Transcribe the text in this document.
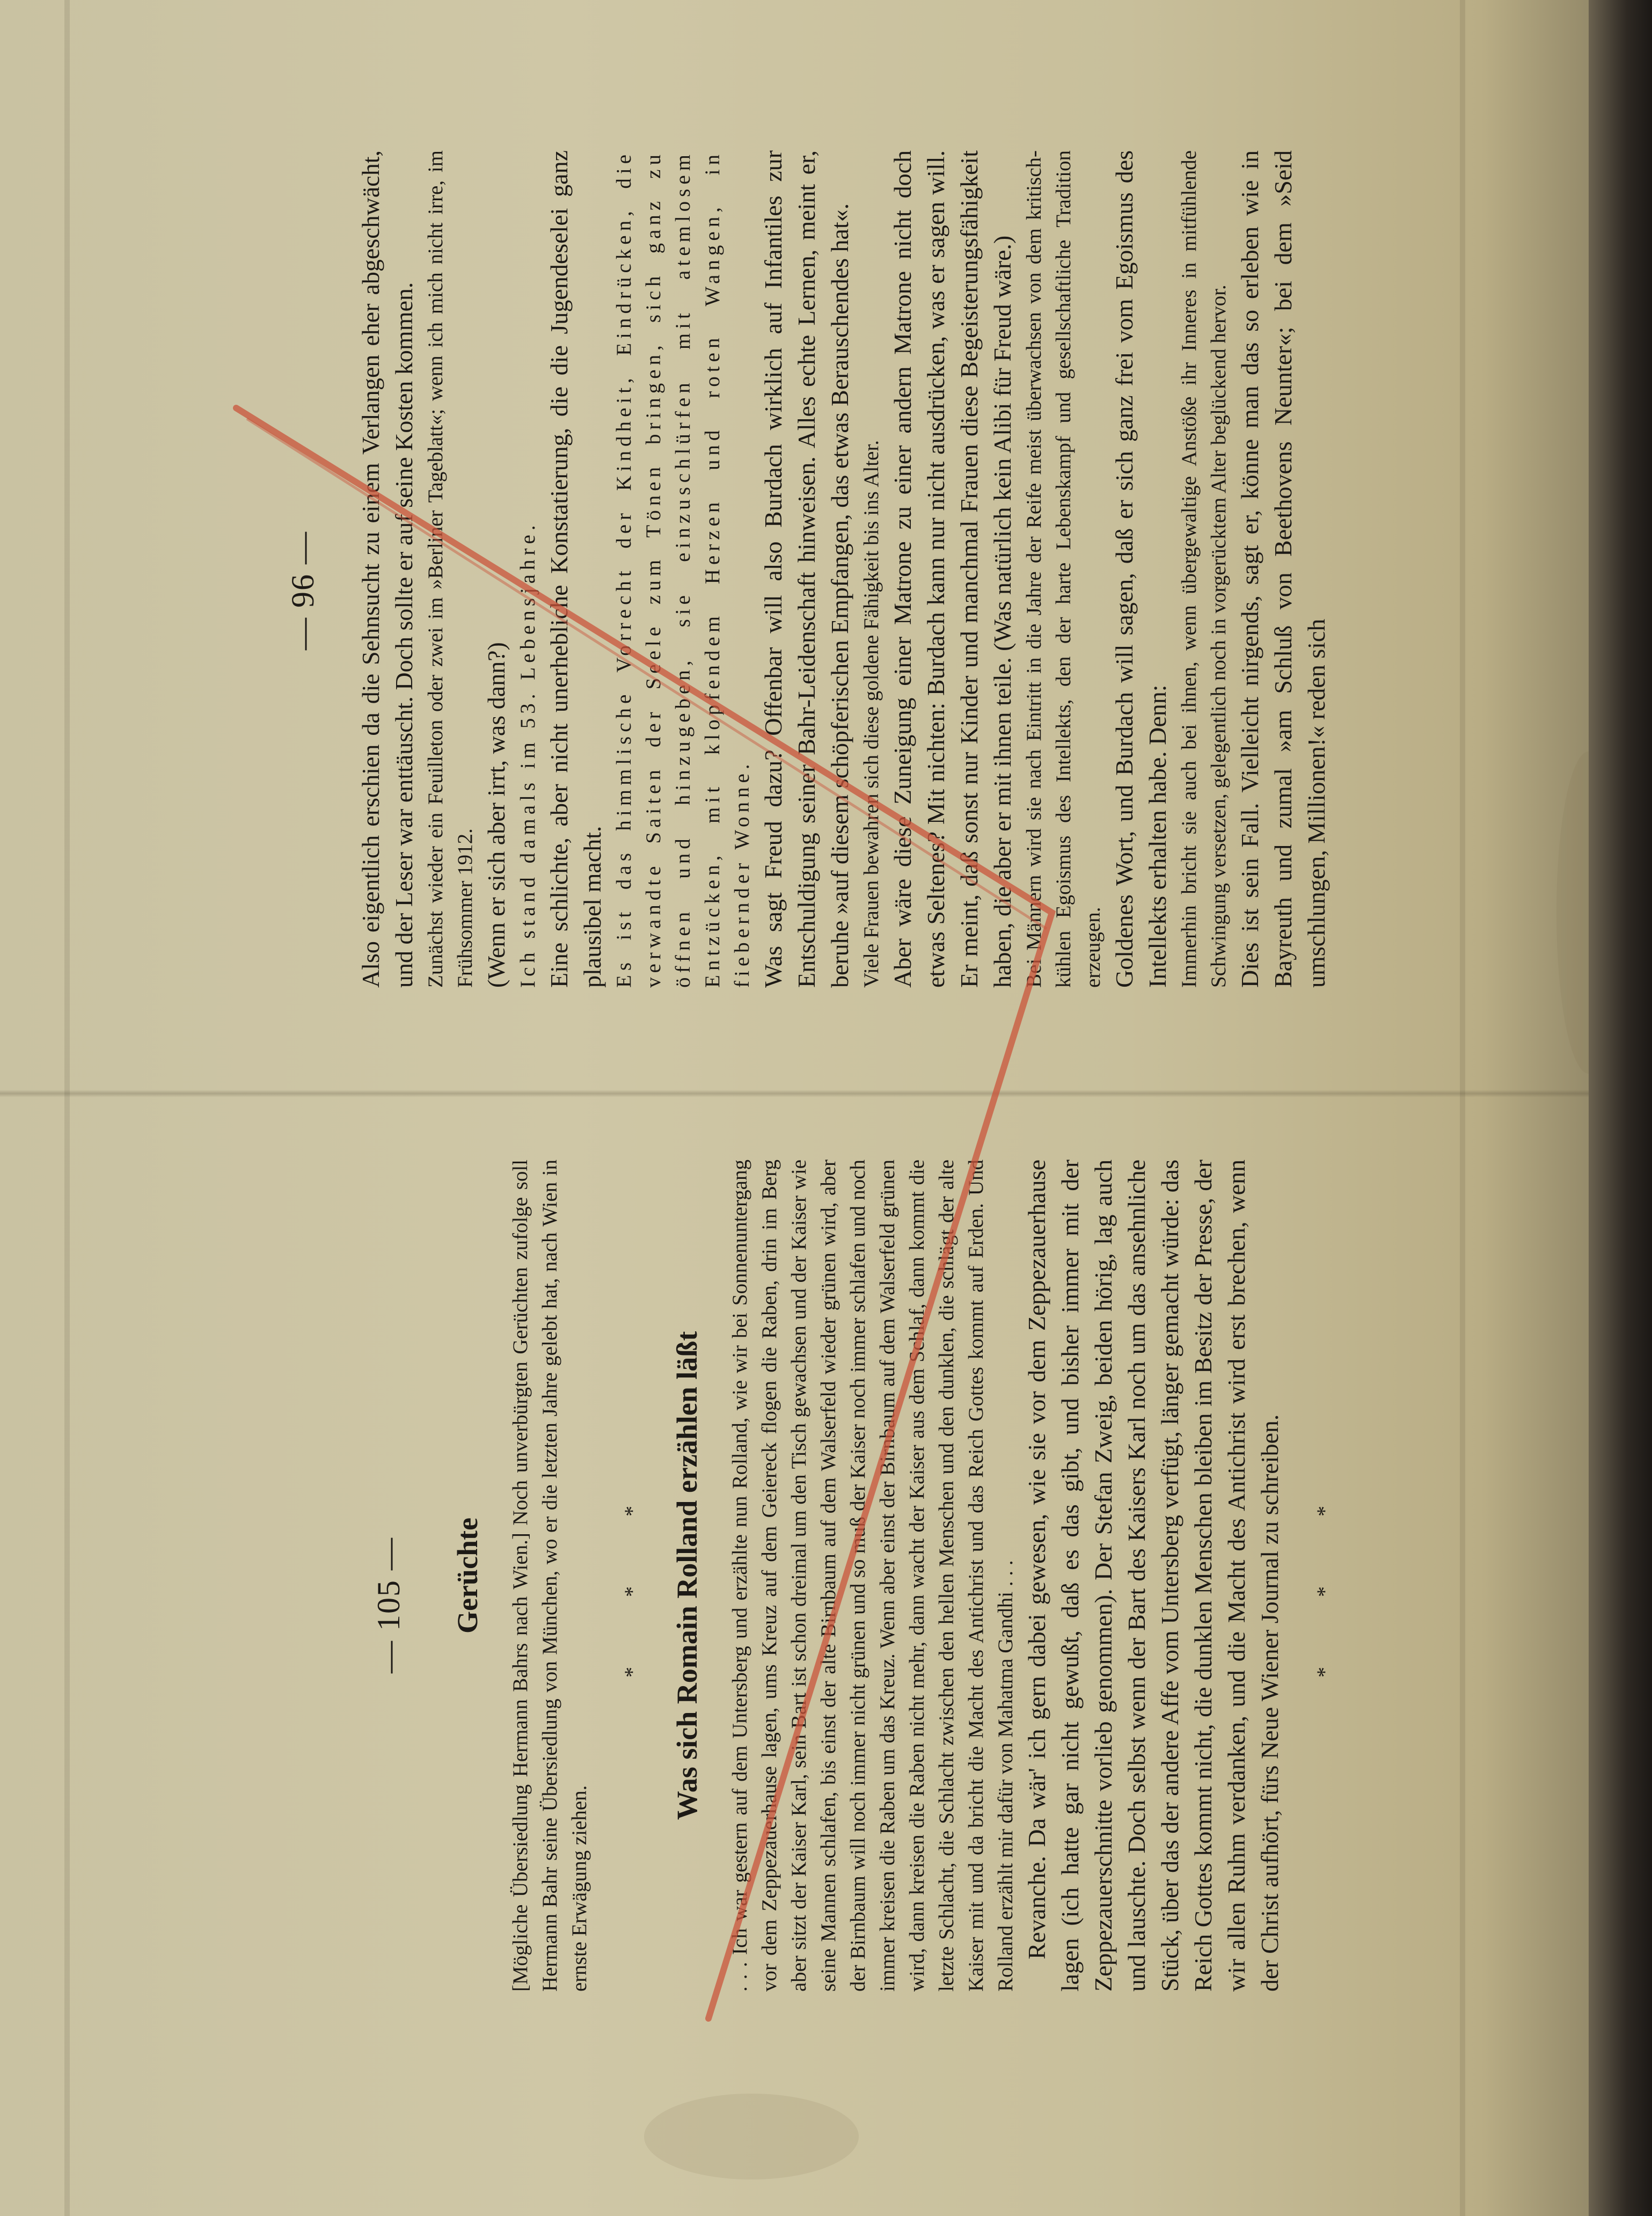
— 96 — Also eigentlich erschien da die Sehnsucht zu einem Verlangen eher abgeschwächt, und der Leser war enttäuscht. Doch sollte er auf seine Kosten kommen. Zunächst wieder ein Feuilleton oder zwei im »Berliner Tageblatt«; wenn ich mich nicht irre, im Frühsommer 1912. (Wenn er sich aber irrt, was dann?) Ich stand damals im 53. Lebensjahre. Eine schlichte, aber nicht unerhebliche Konstatierung, die die Jugendeselei ganz plausibel macht. Es ist das himmlische Vorrecht der Kindheit, Eindrücken, die verwandte Saiten der Seele zum Tönen bringen, sich ganz zu öffnen und hinzugeben, sie einzuschlürfen mit atemlosem Entzücken, mit klopfendem Herzen und roten Wangen, in fiebernder Wonne. Was sagt Freud dazu? Offenbar will also Burdach wirklich auf Infantiles zur Entschuldigung seiner Bahr-Leidenschaft hinweisen. Alles echte Lernen, meint er, beruhe »auf diesem schöpferischen Empfangen, das etwas Berauschendes hat«. Viele Frauen bewahren sich diese goldene Fähigkeit bis ins Alter. Aber wäre diese Zuneigung einer Matrone zu einer andern Matrone nicht doch etwas Seltenes? Mit nichten: Burdach kann nur nicht ausdrücken, was er sagen will. Er meint, daß sonst nur Kinder und manchmal Frauen diese Begeisterungsfähigkeit haben, die aber er mit ihnen teile. (Was natürlich kein Alibi für Freud wäre.) Bei Männern wird sie nach Eintritt in die Jahre der Reife meist überwachsen von dem kritisch-kühlen Egoismus des Intellekts, den der harte Lebenskampf und gesellschaftliche Tradition erzeugen. Goldenes Wort, und Burdach will sagen, daß er sich ganz frei vom Egoismus des Intellekts erhalten habe. Denn: Immerhin bricht sie auch bei ihnen, wenn übergewaltige Anstöße ihr Inneres in mitfühlende Schwingung versetzen, gelegentlich noch in vorgerücktem Alter beglückend hervor. Dies ist sein Fall. Vielleicht nirgends, sagt er, könne man das so erleben wie in Bayreuth und zumal »am Schluß von Beethovens Neunter«; bei dem »Seid umschlungen, Millionen!« reden sich

— 105 — Gerüchte [Mögliche Übersiedlung Hermann Bahrs nach Wien.] Noch unverbürgten Gerüchten zufolge soll Hermann Bahr seine Übersiedlung von München, wo er die letzten Jahre gelebt hat, nach Wien in ernste Erwägung ziehen.

* * * Was sich Romain Rolland erzählen läßt . . . Ich war gestern auf dem Untersberg und erzählte nun Rolland, wie wir bei Sonnenuntergang vor dem Zeppezauerhause lagen, ums Kreuz auf dem Geiereck flogen die Raben, drin im Berg aber sitzt der Kaiser Karl, sein Bart ist schon dreimal um den Tisch gewachsen und der Kaiser wie seine Mannen schlafen, bis einst der alte Birnbaum auf dem Walserfeld wieder grünen wird, aber der Birnbaum will noch immer nicht grünen und so muß der Kaiser noch immer schlafen und noch immer kreisen die Raben um das Kreuz. Wenn aber einst der Birnbaum auf dem Walserfeld grünen wird, dann kreisen die Raben nicht mehr, dann wacht der Kaiser aus dem Schlaf, dann kommt die letzte Schlacht, die Schlacht zwischen den hellen Menschen und den dunklen, die schlägt der alte Kaiser mit und da bricht die Macht des Antichrist und das Reich Gottes kommt auf Erden. Und Rolland erzählt mir dafür von Mahatma Gandhi . . . Revanche. Da wär' ich gern dabei gewesen, wie sie vor dem Zeppezauerhause lagen (ich hatte gar nicht gewußt, daß es das gibt, und bisher immer mit der Zeppezauerschnitte vorlieb genommen). Der Stefan Zweig, beiden hörig, lag auch und lauschte. Doch selbst wenn der Bart des Kaisers Karl noch um das ansehnliche Stück, über das der andere Affe vom Untersberg verfügt, länger gemacht würde: das Reich Gottes kommt nicht, die dunklen Menschen bleiben im Besitz der Presse, der wir allen Ruhm verdanken, und die Macht des Antichrist wird erst brechen, wenn der Christ aufhört, fürs Neue Wiener Journal zu schreiben. * * *
